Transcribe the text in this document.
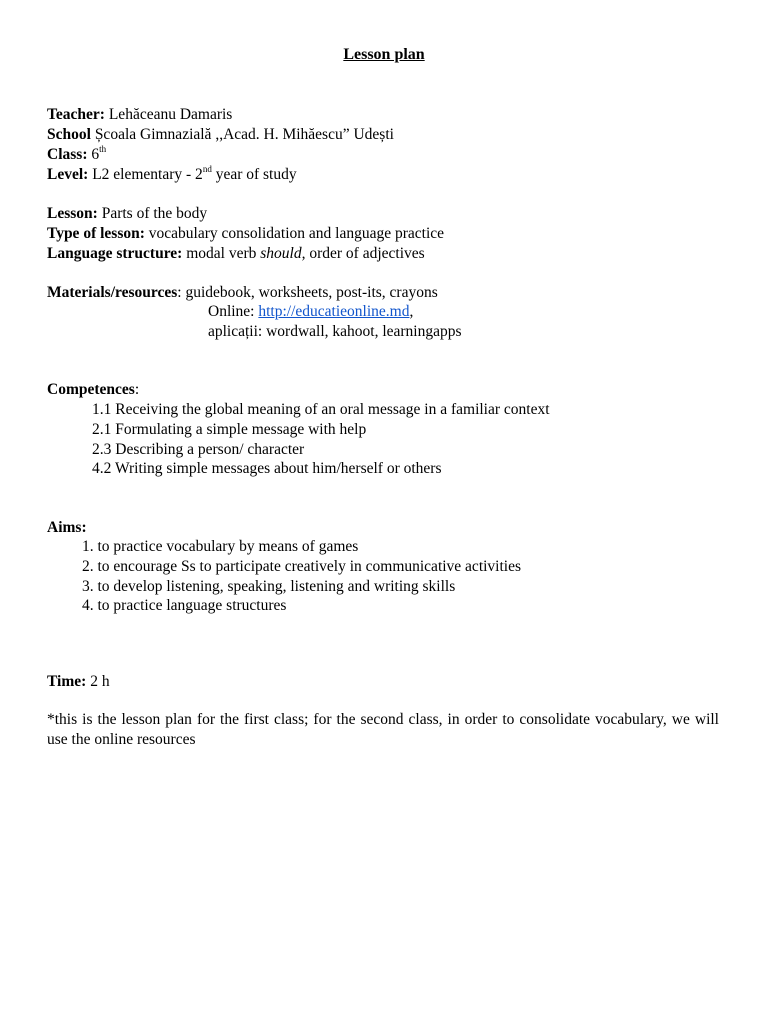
Lesson plan
Teacher: Lehăceanu Damaris
School Școala Gimnazială ,,Acad. H. Mihăescu” Udești
Class: 6th
Level: L2 elementary - 2nd year of study
Lesson: Parts of the body
Type of lesson: vocabulary consolidation and language practice
Language structure: modal verb should, order of adjectives
Materials/resources: guidebook, worksheets, post-its, crayons
Online: http://educatieonline.md,
aplicații: wordwall, kahoot, learningapps
Competences:
1.1 Receiving the global meaning of an oral message in a familiar context
2.1 Formulating a simple message with help
2.3 Describing a person/ character
4.2 Writing simple messages about him/herself or others
Aims:
1. to practice vocabulary by means of games
2. to encourage Ss to participate creatively in communicative activities
3. to develop listening, speaking, listening and writing skills
4. to practice language structures
Time: 2 h
*this is the lesson plan for the first class; for the second class, in order to consolidate vocabulary, we will use the online resources
